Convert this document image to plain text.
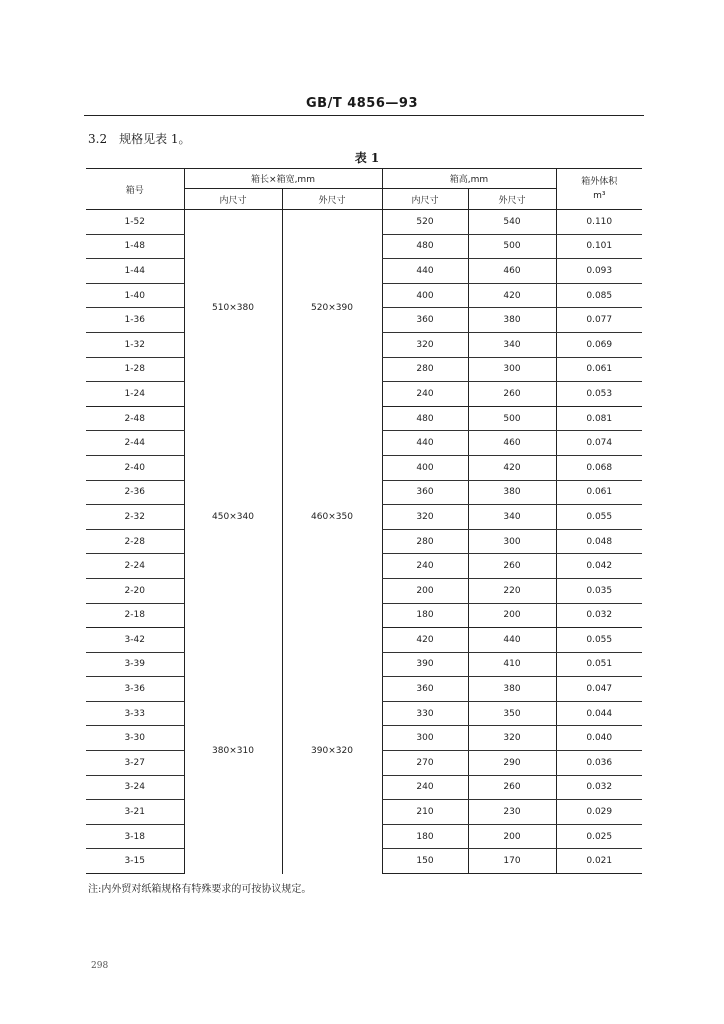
GB/T 4856—93
3.2 规格见表 1。
表 1
箱号	箱长×箱宽,mm		箱高,mm		箱外体积
m³

	内尺寸	外尺寸	内尺寸	外尺寸	
1-52	510×380	520×390	520	540	0.110
1-48			480	500	0.101
1-44			440	460	0.093
1-40			400	420	0.085
1-36			360	380	0.077
1-32			320	340	0.069
1-28			280	300	0.061
1-24			240	260	0.053
2-48	450×340	460×350	480	500	0.081
2-44			440	460	0.074
2-40			400	420	0.068
2-36			360	380	0.061
2-32			320	340	0.055
2-28			280	300	0.048
2-24			240	260	0.042
2-20			200	220	0.035
2-18			180	200	0.032
3-42	380×310	390×320	420	440	0.055
3-39			390	410	0.051
3-36			360	380	0.047
3-33			330	350	0.044
3-30			300	320	0.040
3-27			270	290	0.036
3-24			240	260	0.032
3-21			210	230	0.029
3-18			180	200	0.025
3-15			150	170	0.021
注:内外贸对纸箱规格有特殊要求的可按协议规定。
298
